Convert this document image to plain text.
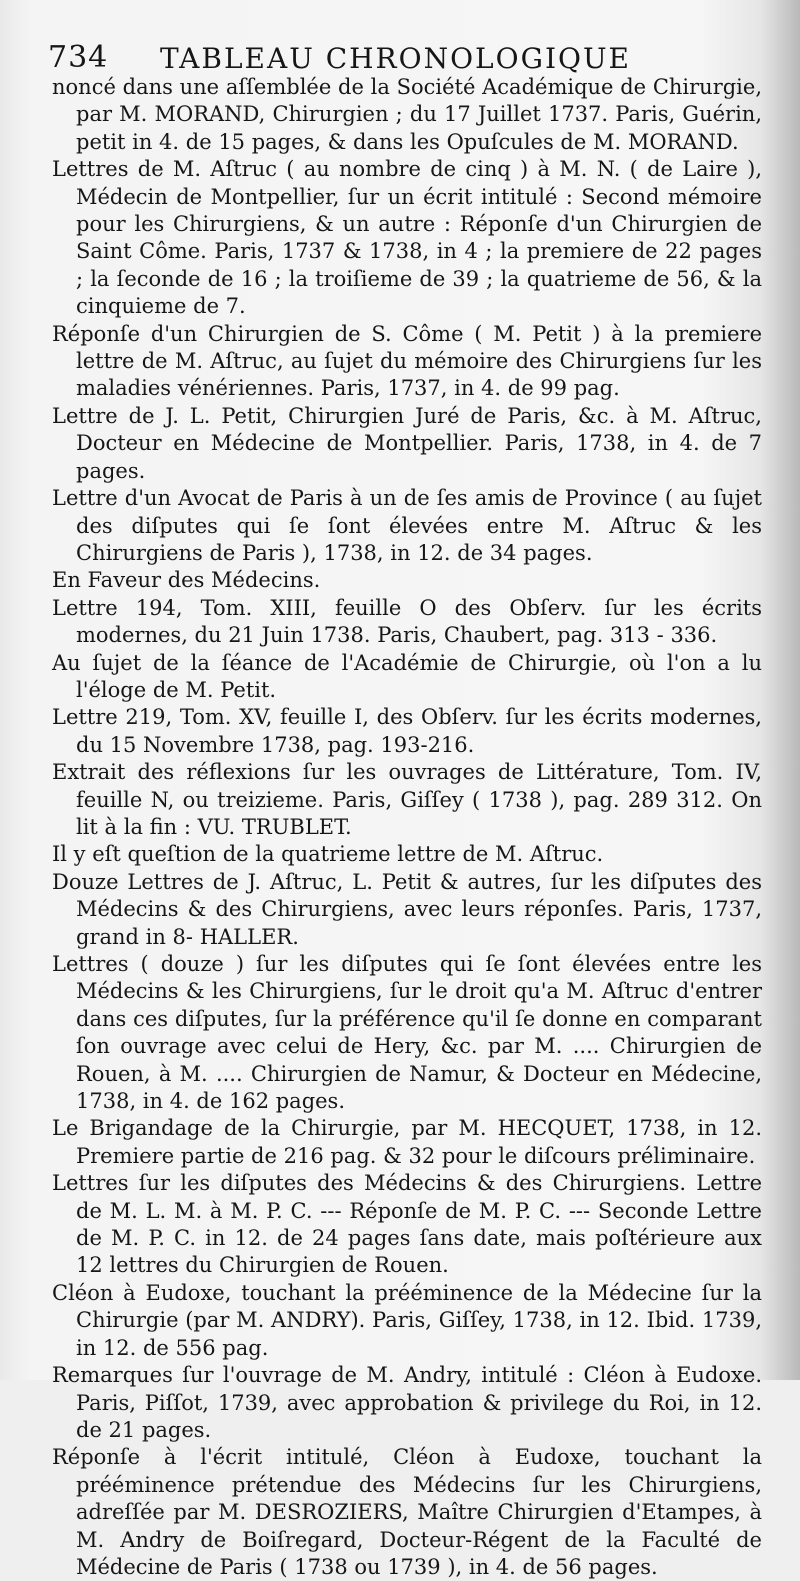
734 TABLEAU CHRONOLOGIQUE

noncé dans une aſſemblée de la Société Académique de Chirurgie, par M. MORAND, Chirurgien ; du 17 Juillet 1737. Paris, Guérin, petit in 4. de 15 pages, & dans les Opuſcules de M. MORAND.

Lettres de M. Aſtruc ( au nombre de cinq ) à M. N. ( de Laire ), Médecin de Montpellier, ſur un écrit intitulé : Second mémoire pour les Chirurgiens, & un autre : Réponſe d'un Chirurgien de Saint Côme. Paris, 1737 & 1738, in 4 ; la premiere de 22 pages ; la ſeconde de 16 ; la troiſieme de 39 ; la quatrieme de 56, & la cinquieme de 7.

Réponſe d'un Chirurgien de S. Côme ( M. Petit ) à la premiere lettre de M. Aſtruc, au ſujet du mémoire des Chirurgiens ſur les maladies vénériennes. Paris, 1737, in 4. de 99 pag.

Lettre de J. L. Petit, Chirurgien Juré de Paris, &c. à M. Aſtruc, Docteur en Médecine de Montpellier. Paris, 1738, in 4. de 7 pages.

Lettre d'un Avocat de Paris à un de ſes amis de Province ( au ſujet des diſputes qui ſe ſont élevées entre M. Aſtruc & les Chirurgiens de Paris ), 1738, in 12. de 34 pages.

En Faveur des Médecins.

Lettre 194, Tom. XIII, feuille O des Obſerv. ſur les écrits modernes, du 21 Juin 1738. Paris, Chaubert, pag. 313 - 336.

Au ſujet de la ſéance de l'Académie de Chirurgie, où l'on a lu l'éloge de M. Petit.

Lettre 219, Tom. XV, feuille I, des Obſerv. ſur les écrits modernes, du 15 Novembre 1738, pag. 193-216.

Extrait des réflexions ſur les ouvrages de Littérature, Tom. IV, feuille N, ou treizieme. Paris, Giſſey ( 1738 ), pag. 289 312. On lit à la fin : VU. TRUBLET.

Il y eſt queſtion de la quatrieme lettre de M. Aſtruc.

Douze Lettres de J. Aſtruc, L. Petit & autres, ſur les diſputes des Médecins & des Chirurgiens, avec leurs réponſes. Paris, 1737, grand in 8- HALLER.

Lettres ( douze ) ſur les diſputes qui ſe ſont élevées entre les Médecins & les Chirurgiens, ſur le droit qu'a M. Aſtruc d'entrer dans ces diſputes, ſur la préférence qu'il ſe donne en comparant ſon ouvrage avec celui de Hery, &c. par M. .... Chirurgien de Rouen, à M. .... Chirurgien de Namur, & Docteur en Médecine, 1738, in 4. de 162 pages.

Le Brigandage de la Chirurgie, par M. HECQUET, 1738, in 12. Premiere partie de 216 pag. & 32 pour le diſcours préliminaire.

Lettres ſur les diſputes des Médecins & des Chirurgiens. Lettre de M. L. M. à M. P. C. --- Réponſe de M. P. C. --- Seconde Lettre de M. P. C. in 12. de 24 pages ſans date, mais poſtérieure aux 12 lettres du Chirurgien de Rouen.

Cléon à Eudoxe, touchant la prééminence de la Médecine ſur la Chirurgie (par M. ANDRY). Paris, Giſſey, 1738, in 12. Ibid. 1739, in 12. de 556 pag.

Remarques ſur l'ouvrage de M. Andry, intitulé : Cléon à Eudoxe. Paris, Piſſot, 1739, avec approbation & privilege du Roi, in 12. de 21 pages.

Réponſe à l'écrit intitulé, Cléon à Eudoxe, touchant la prééminence prétendue des Médecins ſur les Chirurgiens, adreſſée par M. DESROZIERS, Maître Chirurgien d'Etampes, à M. Andry de Boiſregard, Docteur-Régent de la Faculté de Médecine de Paris ( 1738 ou 1739 ), in 4. de 56 pages.
